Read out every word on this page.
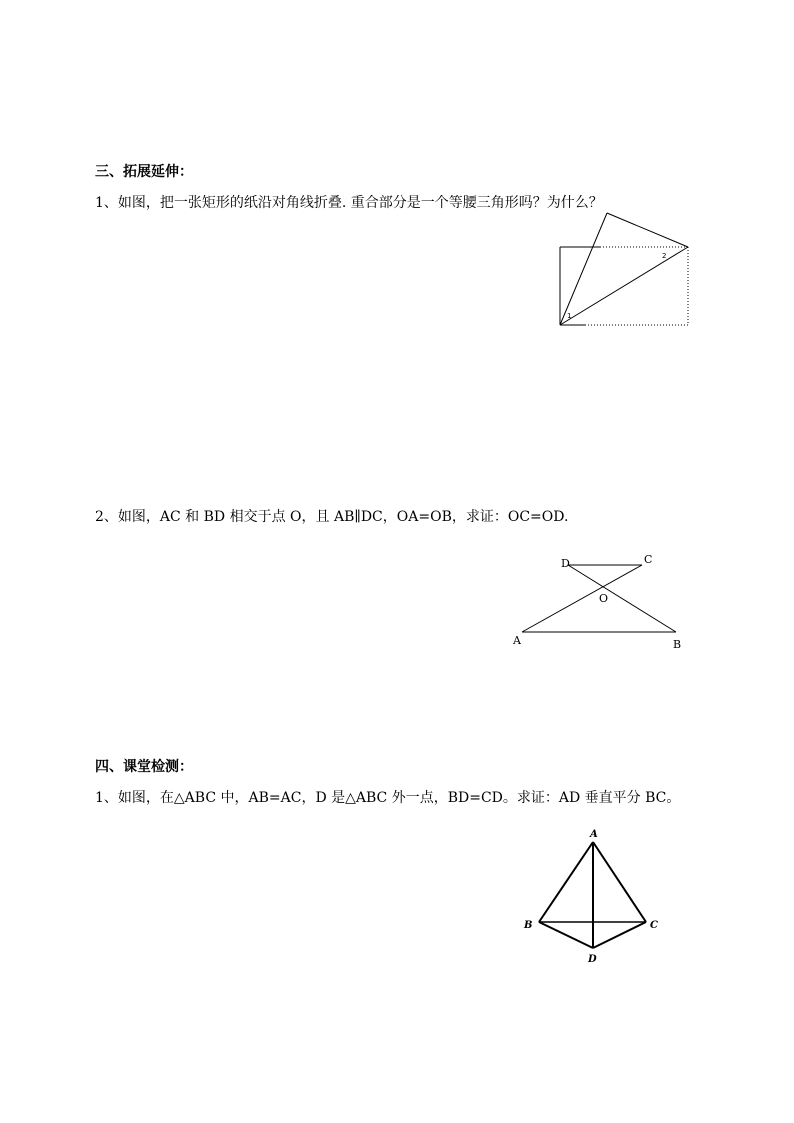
三、拓展延伸：
1、如图，把一张矩形的纸沿对角线折叠. 重合部分是一个等腰三角形吗？为什么？
1
2
2、如图，AC 和 BD 相交于点 O，且 AB∥DC，OA=OB，求证：OC=OD.
D	C
O
A	B
四、课堂检测：
1、如图，在△ABC 中，AB=AC，D 是△ABC 外一点，BD=CD。求证：AD 垂直平分 BC。
A
B	C
D
